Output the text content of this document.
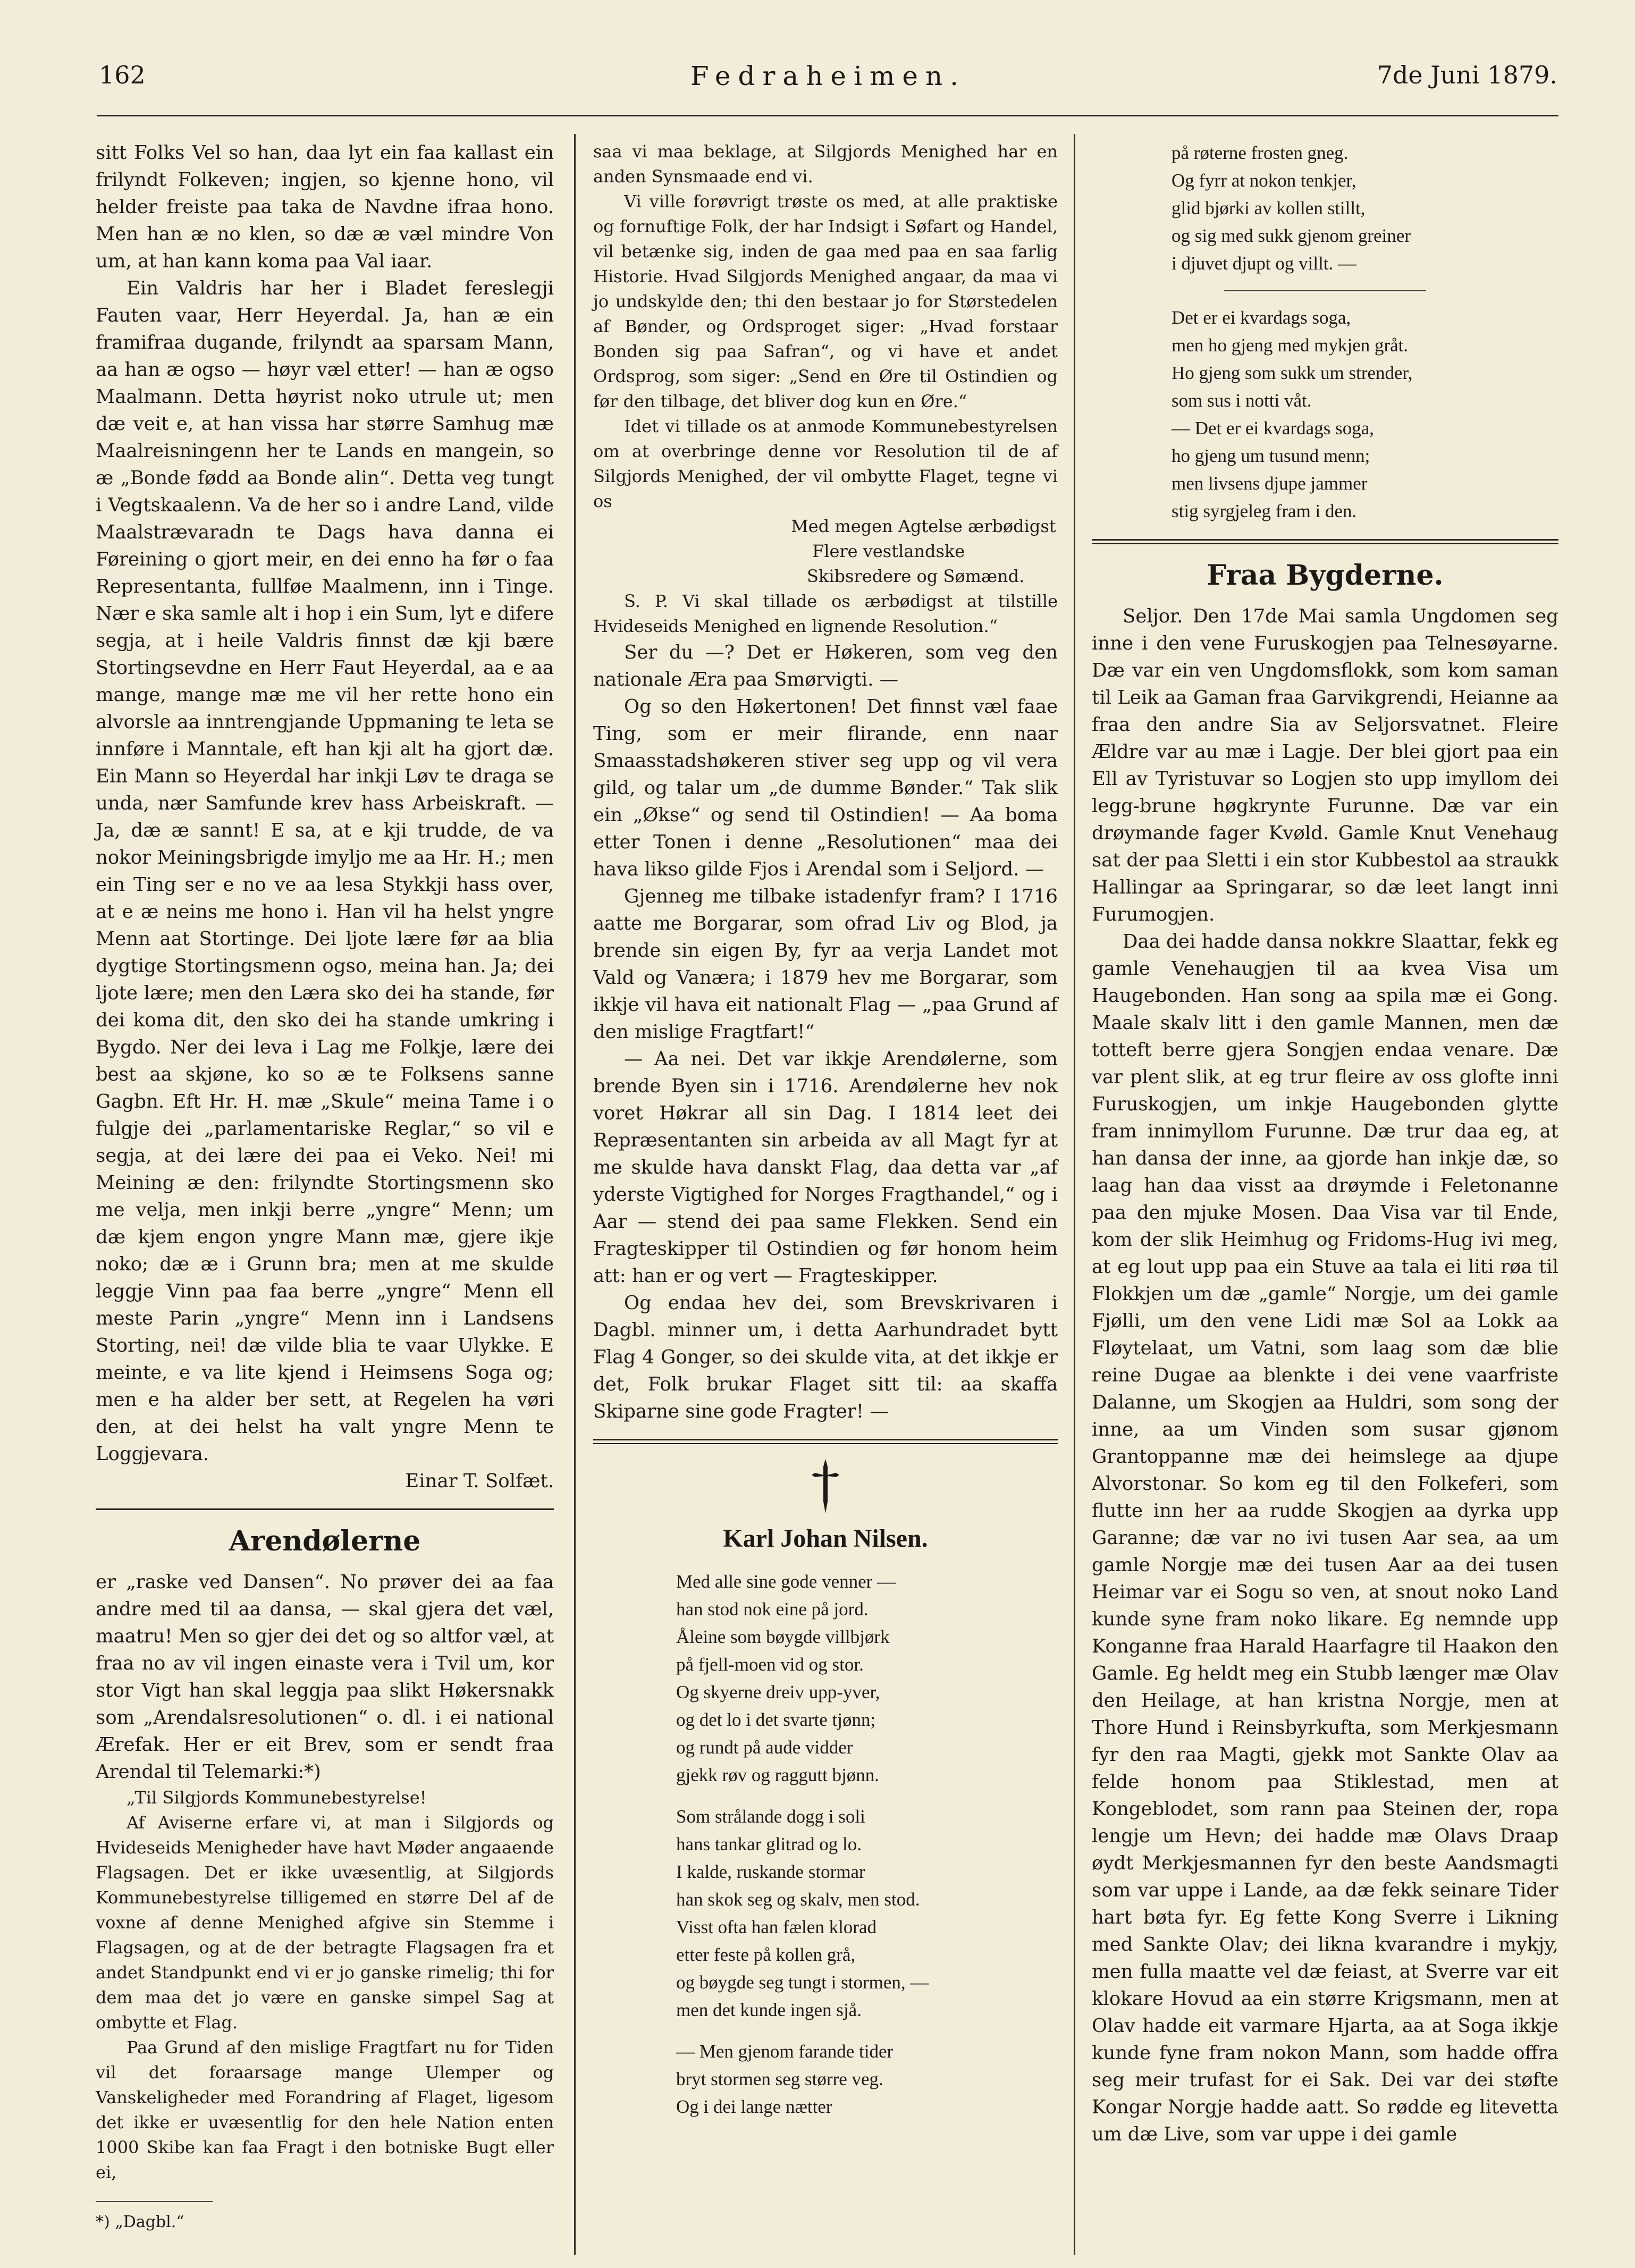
162	Fedraheimen.	7de Juni 1879.

sitt Folks Vel so han, daa lyt ein faa kallast ein frilyndt Folkeven; ingjen, so kjenne hono, vil helder freiste paa taka de Navdne ifraa hono. Men han æ no klen, so dæ æ væl mindre Von um, at han kann koma paa Val iaar.

Ein Valdris har her i Bladet fereslegji Fauten vaar, Herr Heyerdal. Ja, han æ ein framifraa dugande, frilyndt aa sparsam Mann, aa han æ ogso — høyr væl etter! — han æ ogso Maalmann. Detta høyrist noko utrule ut; men dæ veit e, at han vissa har større Samhug mæ Maalreisningenn her te Lands en mangein, so æ „Bonde fødd aa Bonde alin“. Detta veg tungt i Vegtskaalenn. Va de her so i andre Land, vilde Maalstrævaradn te Dags hava danna ei Føreining o gjort meir, en dei enno ha før o faa Representanta, fullføe Maalmenn, inn i Tinge. Nær e ska samle alt i hop i ein Sum, lyt e difere segja, at i heile Valdris finnst dæ kji bære Stortingsevdne en Herr Faut Heyerdal, aa e aa mange, mange mæ me vil her rette hono ein alvorsle aa inntrengjande Uppmaning te leta se innføre i Manntale, eft han kji alt ha gjort dæ. Ein Mann so Heyerdal har inkji Løv te draga se unda, nær Samfunde krev hass Arbeiskraft. — Ja, dæ æ sannt! E sa, at e kji trudde, de va nokor Meiningsbrigde imyljo me aa Hr. H.; men ein Ting ser e no ve aa lesa Stykkji hass over, at e æ neins me hono i. Han vil ha helst yngre Menn aat Stortinge. Dei ljote lære før aa blia dygtige Stortingsmenn ogso, meina han. Ja; dei ljote lære; men den Læra sko dei ha standе, før dei koma dit, den sko dei ha standе umkring i Bygdo. Ner dei leva i Lag me Folkje, lære dei best aa skjøne, ko so æ te Folksens sanne Gagbn. Eft Hr. H. mæ „Skule“ meina Tame i o fulgje dei „parlamentariske Reglar,“ so vil e segja, at dei lære dei paa ei Veko. Nei! mi Meining æ den: frilyndte Stortingsmenn sko me velja, men inkji berre „yngre“ Menn; um dæ kjem engon yngre Mann mæ, gjere ikje noko; dæ æ i Grunn bra; men at me skulde leggje Vinn paa faa berre „yngre“ Menn ell meste Parin „yngre“ Menn inn i Landsens Storting, nei! dæ vilde blia te vaar Ulykke. E meinte, e va lite kjend i Heimsens Soga og; men e ha alder ber sett, at Regelen ha vøri den, at dei helst ha valt yngre Menn te Loggjevara.

Einar T. Solfæt.

Arendølerne

er „raske ved Dansen“. No prøver dei aa faa andre med til aa dansa, — skal gjera det væl, maatru! Men so gjer dei det og so altfor væl, at fraa no av vil ingen einaste vera i Tvil um, kor stor Vigt han skal leggja paa slikt Høkersnakk som „Arendalsresolutionen“ o. dl. i ei national Ærefak. Her er eit Brev, som er sendt fraa Arendal til Telemarki:*)

„Til Silgjords Kommunebestyrelse!

Af Aviserne erfare vi, at man i Silgjords og Hvideseids Menigheder have havt Møder angaaende Flagsagen. Det er ikke uvæsentlig, at Silgjords Kommunebestyrelse tilligemed en større Del af de voxne af denne Menighed afgive sin Stemme i Flagsagen, og at de der betragte Flagsagen fra et andet Standpunkt end vi er jo ganske rimelig; thi for dem maa det jo være en ganske simpel Sag at ombytte et Flag.

Paa Grund af den mislige Fragtfart nu for Tiden vil det foraarsage mange Ulemper og Vanskeligheder med Forandring af Flaget, ligesom det ikke er uvæsentlig for den hele Nation enten 1000 Skibe kan faa Fragt i den botniske Bugt eller ei,

*) „Dagbl.“

saa vi maa beklage, at Silgjords Menighed har en anden Synsmaade end vi.

Vi ville forøvrigt trøste os med, at alle praktiske og fornuftige Folk, der har Indsigt i Søfart og Handel, vil betænke sig, inden de gaa med paa en saa farlig Historie. Hvad Silgjords Menighed angaar, da maa vi jo undskylde den; thi den bestaar jo for Størstedelen af Bønder, og Ordsproget siger: „Hvad forstaar Bonden sig paa Safran“, og vi have et andet Ordsprog, som siger: „Send en Øre til Ostindien og før den tilbage, det bliver dog kun en Øre.“

Idet vi tillade os at anmode Kommunebestyrelsen om at overbringe denne vor Resolution til de af Silgjords Menighed, der vil ombytte Flaget, tegne vi os

Med megen Agtelse ærbødigst

Flere vestlandske

Skibsredere og Sømænd.

S. P. Vi skal tillade os ærbødigst at tilstille Hvideseids Menighed en lignende Resolution.“

Ser du —? Det er Høkeren, som veg den nationale Æra paa Smørvigti. —

Og so den Høkertonen! Det finnst væl faae Ting, som er meir flirande, enn naar Smaasstadshøkeren stiver seg upp og vil vera gild, og talar um „de dumme Bønder.“ Tak slik ein „Økse“ og send til Ostindien! — Aa boma etter Tonen i denne „Resolutionen“ maa dei hava likso gilde Fjos i Arendal som i Seljord. —

Gjenneg me tilbake istadenfyr fram? I 1716 aatte me Borgarar, som ofrad Liv og Blod, ja brende sin eigen By, fyr aa verja Landet mot Vald og Vanæra; i 1879 hev me Borgarar, som ikkje vil hava eit nationalt Flag — „paa Grund af den mislige Fragtfart!“

— Aa nei. Det var ikkje Arendølerne, som brende Byen sin i 1716. Arendølerne hev nok voret Høkrar all sin Dag. I 1814 leet dei Repræsentanten sin arbeida av all Magt fyr at me skulde hava danskt Flag, daa detta var „af yderste Vigtighed for Norges Fragthandel,“ og i Aar — stend dei paa same Flekken. Send ein Fragteskipper til Ostindien og før honom heim att: han er og vert — Fragteskipper.

Og endaa hev dei, som Brevskrivaren i Dagbl. minner um, i detta Aarhundradet bytt Flag 4 Gonger, so dei skulde vita, at det ikkje er det, Folk brukar Flaget sitt til: aa skaffa Skiparne sine gode Fragter! —

Karl Johan Nilsen.
Med alle sine gode venner —
han stod nok eine på jord.
Åleine som bøygde villbjørk
på fjell-moen vid og stor.
Og skyerne dreiv upp-yver,
og det lo i det svarte tjønn;
og rundt på aude vidder
gjekk røv og raggutt bjønn.
Som strålande dogg i soli
hans tankar glitrad og lo.
I kalde, ruskande stormar
han skok seg og skalv, men stod.
Visst ofta han fælen klorad
etter feste på kollen grå,
og bøygde seg tungt i stormen, —
men det kunde ingen sjå.
— Men gjenom farande tider
bryt stormen seg større veg.
Og i dei lange nætter
på røterne frosten gneg.
Og fyrr at nokon tenkjer,
glid bjørki av kollen stillt,
og sig med sukk gjenom greiner
i djuvet djupt og villt. —
Det er ei kvardags soga,
men ho gjeng med mykjen gråt.
Ho gjeng som sukk um strender,
som sus i notti våt.
— Det er ei kvardags soga,
ho gjeng um tusund menn;
men livsens djupe jammer
stig syrgjeleg fram i den.
Fraa Bygderne.

Seljor. Den 17de Mai samla Ungdomen seg inne i den vene Furuskogjen paa Telnesøyarne. Dæ var ein ven Ungdomsflokk, som kom saman til Leik aa Gaman fraa Garvikgrendi, Heianne aa fraa den andre Sia av Seljorsvatnet. Fleire Ældre var au mæ i Lagje. Der blei gjort paa ein Ell av Tyristuvar so Logjen sto upp imyllom dei legg-brune høgkrynte Furunne. Dæ var ein drøymande fager Kvøld. Gamle Knut Venehaug sat der paa Sletti i ein stor Kubbestol aa straukk Hallingar aa Springarar, so dæ leet langt inni Furumogjen.

Daa dei hadde dansa nokkre Slaattar, fekk eg gamle Venehaugjen til aa kvea Visa um Haugebonden. Han song aa spila mæ ei Gong. Maale skalv litt i den gamle Mannen, men dæ totteft berre gjera Songjen endaa venare. Dæ var plent slik, at eg trur fleire av oss glofte inni Furuskogjen, um inkje Haugebonden glytte fram innimyllom Furunne. Dæ trur daa eg, at han dansa der inne, aa gjorde han inkje dæ, so laag han daa visst aa drøymde i Feletonanne paa den mjuke Mosen. Daa Visa var til Ende, kom der slik Heimhug og Fridoms-Hug ivi meg, at eg lout upp paa ein Stuve aa tala ei liti røa til Flokkjen um dæ „gamle“ Norgje, um dei gamle Fjølli, um den vene Lidi mæ Sol aa Lokk aa Fløytelaat, um Vatni, som laag som dæ blie reine Dugae aa blenkte i dei vene vaarfriste Dalanne, um Skogjen aa Huldri, som song der inne, aa um Vinden som susar gjønom Grantoppanne mæ dei heimslege aa djupe Alvorstonar. So kom eg til den Folkeferi, som flutte inn her aa rudde Skogjen aa dyrka upp Garanne; dæ var no ivi tusen Aar sea, aa um gamle Norgje mæ dei tusen Aar aa dei tusen Heimar var ei Sogu so ven, at snout noko Land kunde syne fram noko likare. Eg nemnde upp Konganne fraa Harald Haarfagre til Haakon den Gamle. Eg heldt meg ein Stubb længer mæ Olav den Heilage, at han kristna Norgje, men at Thore Hund i Reinsbyrkufta, som Merkjesmann fyr den raa Magti, gjekk mot Sankte Olav aa felde honom paa Stiklestad, men at Kongeblodet, som rann paa Steinen der, ropa lengje um Hevn; dei hadde mæ Olavs Draap øydt Merkjesmannen fyr den beste Aandsmagti som var uppe i Lande, aa dæ fekk seinare Tider hart bøta fyr. Eg fette Kong Sverre i Likning med Sankte Olav; dei likna kvarandre i mykjy, men fulla maatte vel dæ feiast, at Sverre var eit klokare Hovud aa ein større Krigsmann, men at Olav hadde eit varmare Hjarta, aa at Soga ikkje kunde fyne fram nokon Mann, som hadde offra seg meir trufast for ei Sak. Dei var dei støfte Kongar Norgje hadde aatt. So rødde eg litevetta um dæ Live, som var uppe i dei gamle
